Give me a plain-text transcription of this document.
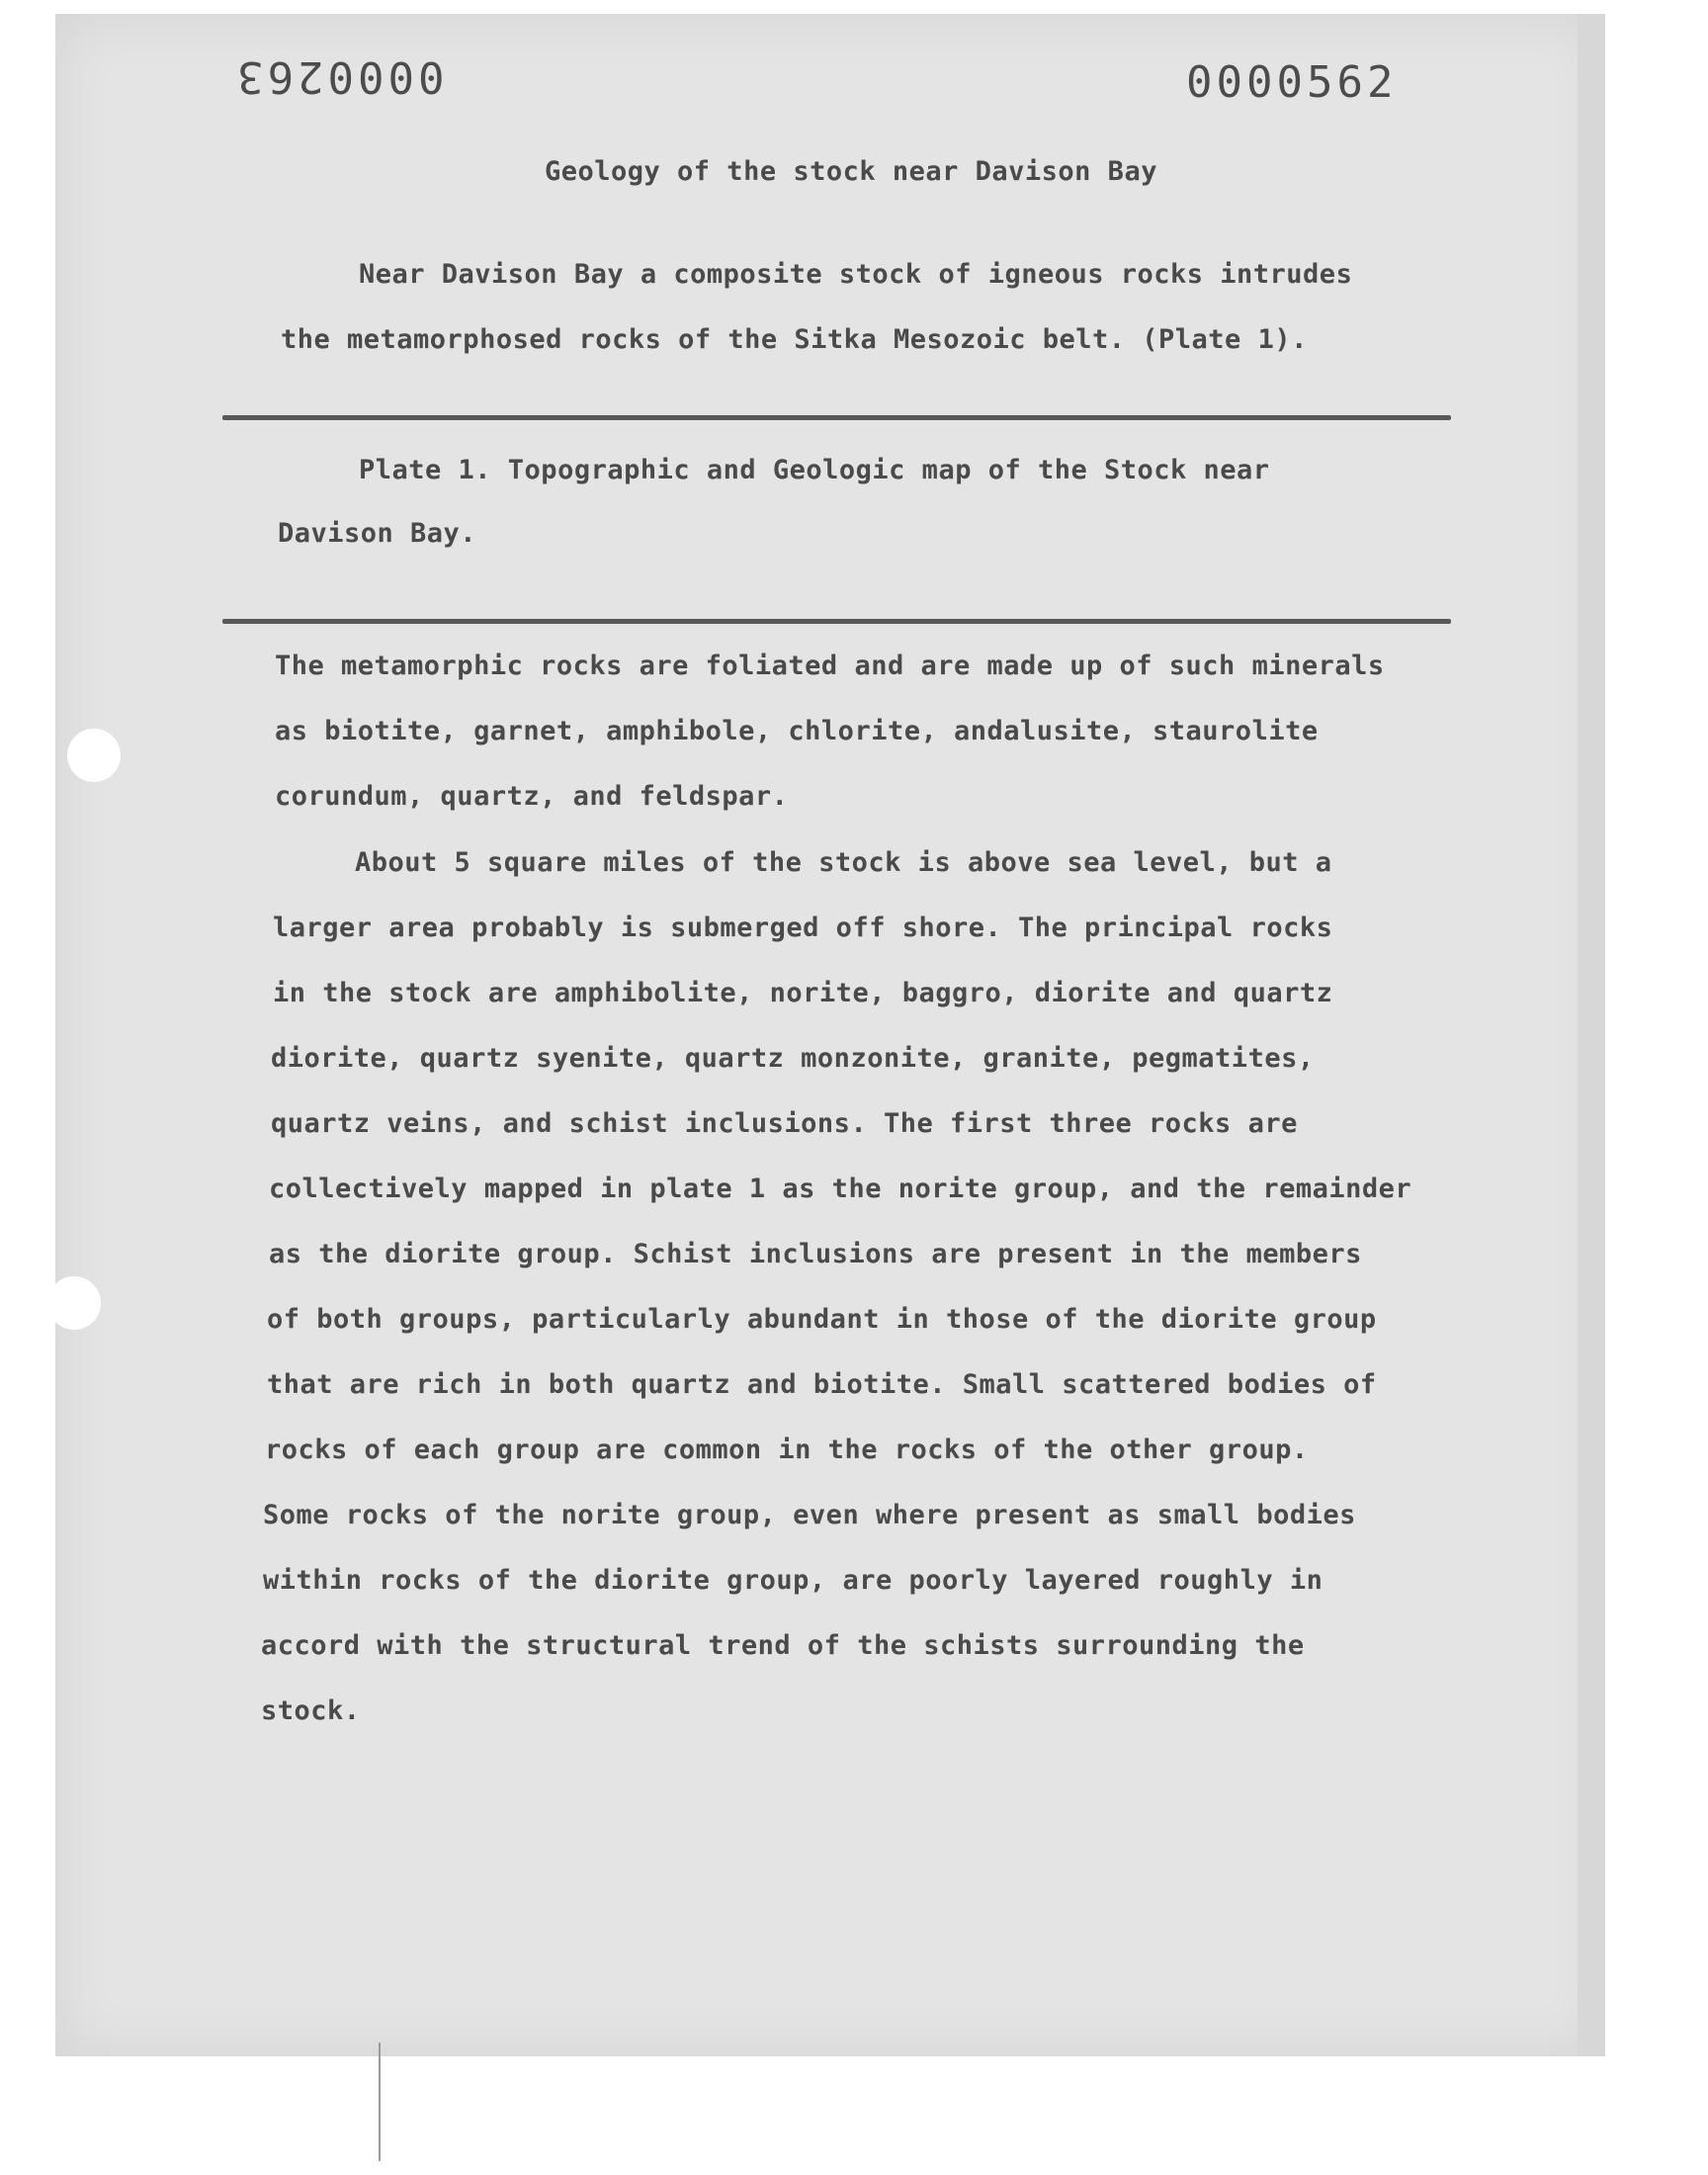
0000263	0000562
Geology of the stock near Davison Bay
Near Davison Bay a composite stock of igneous rocks intrudes
the metamorphosed rocks of the Sitka Mesozoic belt. (Plate 1).
Plate 1. Topographic and Geologic map of the Stock near
Davison Bay.
The metamorphic rocks are foliated and are made up of such minerals
as biotite, garnet, amphibole, chlorite, andalusite, staurolite
corundum, quartz, and feldspar.
About 5 square miles of the stock is above sea level, but a
larger area probably is submerged off shore. The principal rocks
in the stock are amphibolite, norite, baggro, diorite and quartz
diorite, quartz syenite, quartz monzonite, granite, pegmatites,
quartz veins, and schist inclusions. The first three rocks are
collectively mapped in plate 1 as the norite group, and the remainder
as the diorite group. Schist inclusions are present in the members
of both groups, particularly abundant in those of the diorite group
that are rich in both quartz and biotite. Small scattered bodies of
rocks of each group are common in the rocks of the other group.
Some rocks of the norite group, even where present as small bodies
within rocks of the diorite group, are poorly layered roughly in
accord with the structural trend of the schists surrounding the
stock.
